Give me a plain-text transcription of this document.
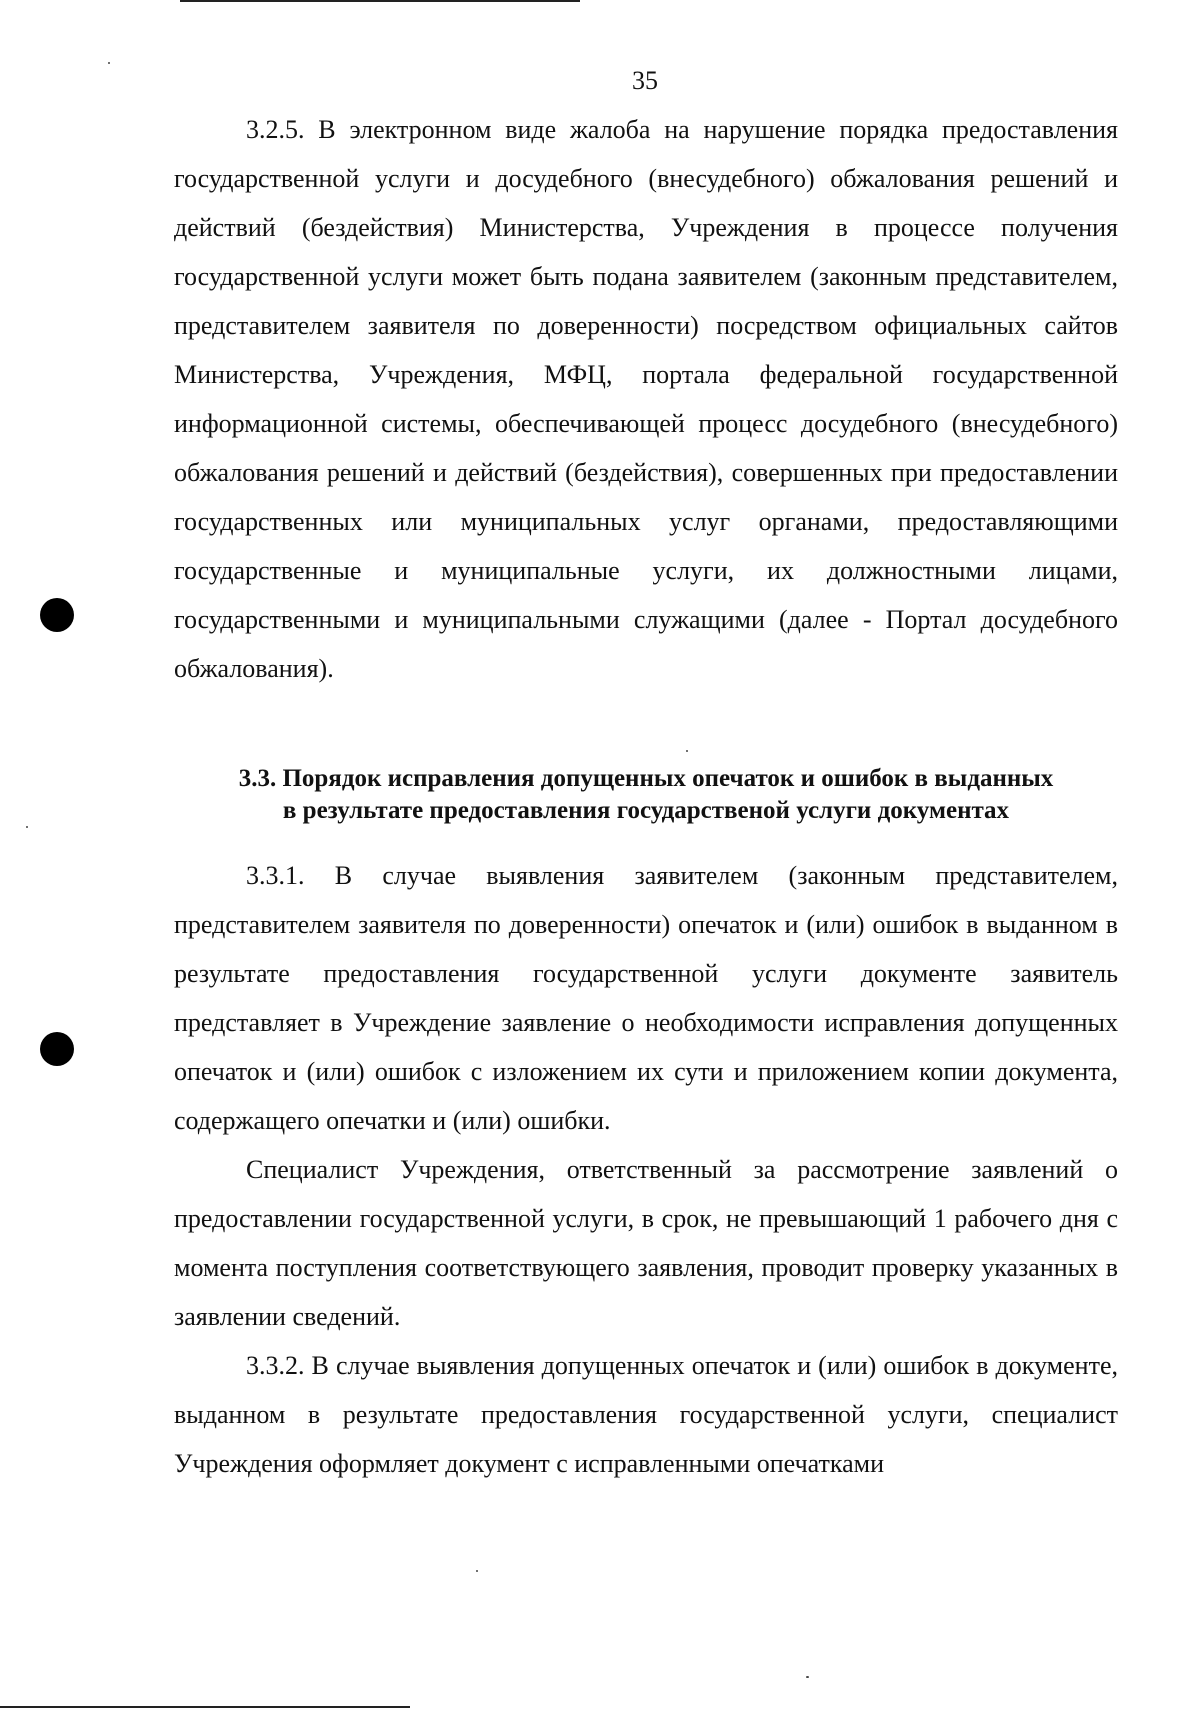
35

3.2.5. В электронном виде жалоба на нарушение порядка предоставления государственной услуги и досудебного (внесудебного) обжалования решений и действий (бездействия) Министерства, Учреждения в процессе получения государственной услуги может быть подана заявителем (законным представителем, представителем заявителя по доверенности) посредством официальных сайтов Министерства, Учреждения, МФЦ, портала федеральной государственной информационной системы, обеспечивающей процесс досудебного (внесудебного) обжалования решений и действий (бездействия), совершенных при предоставлении государственных или муниципальных услуг органами, предоставляющими государственные и муниципальные услуги, их должностными лицами, государственными и муниципальными служащими (далее - Портал досудебного обжалования).

3.3. Порядок исправления допущенных опечаток и ошибок в выданных
в результате предоставления государственой услуги документах

3.3.1. В случае выявления заявителем (законным представителем, представителем заявителя по доверенности) опечаток и (или) ошибок в выданном в результате предоставления государственной услуги документе заявитель представляет в Учреждение заявление о необходимости исправления допущенных опечаток и (или) ошибок с изложением их сути и приложением копии документа, содержащего опечатки и (или) ошибки.

Специалист Учреждения, ответственный за рассмотрение заявлений о предоставлении государственной услуги, в срок, не превышающий 1 рабочего дня с момента поступления соответствующего заявления, проводит проверку указанных в заявлении сведений.

3.3.2. В случае выявления допущенных опечаток и (или) ошибок в документе, выданном в результате предоставления государственной услуги, специалист Учреждения оформляет документ с исправленными опечатками
